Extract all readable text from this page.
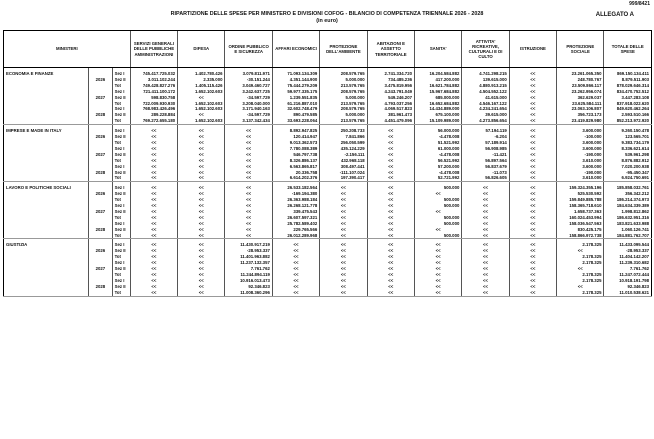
999/8421
RIPARTIZIONE DELLE SPESE PER MINISTERO E DIVISIONI COFOG - BILANCIO DI COMPETENZA TRIENNALE 2026 - 2028
(in euro)
ALLEGATO A
MINISTERI			SERVIZI GENERALI DELLE PUBBLICHE AMMINISTRAZIONI	DIFESA	ORDINE PUBBLICO E SICUREZZA	AFFARI ECONOMICI	PROTEZIONE DELL'AMBIENTE	ABITAZIONI E ASSETTO TERRITORIALE	SANITA'	ATTIVITA' RICREATIVE, CULTURALI E DI CULTO	ISTRUZIONE	PROTEZIONE SOCIALE	TOTALE DELLE SPESE

ECONOMIA E FINANZE		Sez I	745.417.725.032	1.402.780.426	3.079.811.971	71.093.134.309	208.579.765	2.741.334.720	16.204.584.882	4.741.298.215	<<	23.261.065.350	869.150.134.411
	2026	Sez II	3.011.102.244	2.335.000	-30.151.244	4.351.144.900	5.000.000	734.485.236	417.200.000	139.615.000	<<	248.780.767	8.879.511.903
		Tot	749.428.827.276	1.405.115.426	3.049.460.727	75.444.279.209	213.579.765	3.475.819.956	16.621.784.882	4.880.913.215	<<	23.509.866.117	878.029.646.314
		Sez I	721.411.100.172	1.652.102.603	3.242.637.725	59.977.335.175	208.579.765	4.243.791.049	15.967.684.882	4.504.552.122	<<	23.262.956.074	834.470.752.512
	2027	Sez II	598.830.758	<<	-34.597.729	1.239.551.835	5.000.000	549.246.207	685.000.000	41.615.000	<<	362.629.037	3.447.283.108
		Tot	722.009.930.930	1.652.102.603	3.208.040.000	61.216.887.010	213.579.765	4.793.037.256	16.652.684.882	4.546.167.122	<<	23.625.584.111	837.918.022.620
		Sez I	768.983.426.496	1.652.102.603	3.171.940.163	32.602.748.479	208.579.765	4.069.517.823	14.434.889.000	4.234.241.654	<<	23.063.106.807	849.620.462.264
	2028	Sez II	289.228.884	<<	-34.597.729	890.479.585	5.000.000	381.961.473	675.100.000	39.615.000	<<	356.723.173	2.593.510.166
		Tot	769.272.655.180	1.652.102.603	3.137.342.434	33.693.228.064	213.579.765	4.451.479.096	15.109.989.000	4.273.856.654	<<	23.419.829.980	852.213.972.920

IMPRESE E MADE IN ITALY		Sez I	<<	<<	<<	8.892.947.825	250.208.733	<<	56.000.000	57.194.119	<<	3.600.000	9.260.150.478
	2026	Sez II	<<	<<	<<	120.414.947	7.841.866	<<	-4.478.008	-6.204	<<	-100.000	123.565.701
		Tot	<<	<<	<<	9.013.362.573	256.050.599	<<	51.521.992	57.189.914	<<	3.600.000	9.383.734.179
		Sez I	<<	<<	<<	7.780.088.389	435.124.229	<<	61.000.000	56.908.985	<<	3.600.000	8.336.621.614
	2027	Sez II	<<	<<	<<	546.797.738	-2.156.111	<<	-4.478.008	-11.421	<<	-190.000	539.961.298
		Tot	<<	<<	<<	8.326.886.137	432.968.118	<<	56.521.992	56.897.564	<<	3.610.000	8.876.882.912
		Sez I	<<	<<	<<	6.563.865.817	308.497.441	<<	57.200.000	56.837.679	<<	3.600.000	7.020.200.938
	2028	Sez II	<<	<<	<<	20.336.758	-111.107.024	<<	-4.478.008	-11.073	<<	-190.000	-95.450.347
		Tot	<<	<<	<<	6.614.202.376	197.390.417	<<	52.721.992	56.826.605	<<	3.610.000	6.924.750.691

LAVORO E POLITICHE SOCIALI		Sez I	<<	<<	<<	26.533.182.564	<<	<<	500.000	<<	<<	159.324.355.196	185.858.032.761
	2026	Sez II	<<	<<	<<	-169.194.380	<<	<<	<<	<<	<<	525.530.592	356.342.212
		Tot	<<	<<	<<	26.363.988.184	<<	<<	500.000	<<	<<	159.849.885.788	186.214.374.973
		Sez I	<<	<<	<<	26.268.121.778	<<	<<	500.000	<<	<<	158.365.718.610	184.634.339.389
	2027	Sez II	<<	<<	<<	339.475.543	<<	<<	<<	<<	<<	1.658.737.363	1.998.812.862
		Tot	<<	<<	<<	26.607.597.321	<<	<<	500.000	<<	<<	160.024.453.994	186.632.951.316
		Sez I	<<	<<	<<	25.782.589.402	<<	<<	500.000	<<	<<	158.036.547.563	183.821.633.988
	2028	Sez II	<<	<<	<<	229.765.566	<<	<<	<<	<<	<<	830.425.175	1.060.126.741
		Tot	<<	<<	<<	26.012.289.968	<<	<<	500.000	<<	<<	158.866.972.738	184.881.762.707

GIUSTIZIA		Sez I	<<	<<	11.430.917.219	<<	<<	<<	<<	<<	<<	2.178.325	11.433.095.544
	2026	Sez II	<<	<<	-28.953.337	<<	<<	<<	<<	<<	<<	<<	-28.953.337
		Tot	<<	<<	11.401.963.882	<<	<<	<<	<<	<<	<<	2.178.325	11.404.142.207
		Sez I	<<	<<	11.237.132.357	<<	<<	<<	<<	<<	<<	2.178.325	11.239.310.682
	2027	Sez II	<<	<<	7.761.762	<<	<<	<<	<<	<<	<<	<<	7.761.762
		Tot	<<	<<	11.244.894.119	<<	<<	<<	<<	<<	<<	2.178.325	11.247.072.444
		Sez I	<<	<<	10.916.013.473	<<	<<	<<	<<	<<	<<	2.178.325	10.918.191.798
	2028	Sez II	<<	<<	92.346.823	<<	<<	<<	<<	<<	<<	<<	92.346.823
		Tot	<<	<<	11.008.360.296	<<	<<	<<	<<	<<	<<	2.178.325	11.010.538.621
